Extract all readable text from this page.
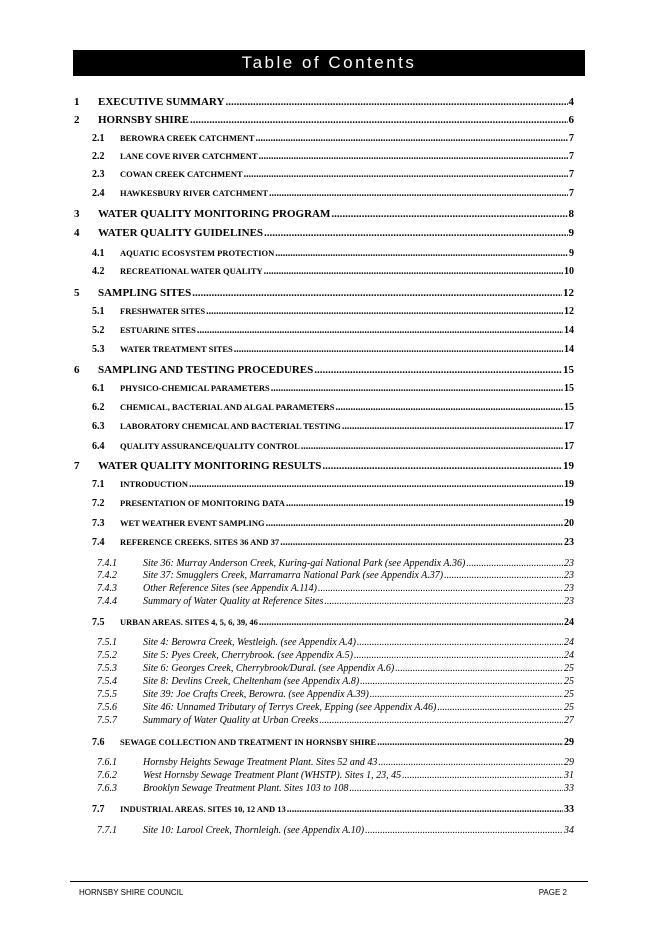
Table of Contents
1	EXECUTIVE SUMMARY .....	4
2	HORNSBY SHIRE .....	6
2.1	BEROWRA CREEK CATCHMENT .....	7
2.2	LANE COVE RIVER CATCHMENT .....	7
2.3	COWAN CREEK CATCHMENT .....	7
2.4	HAWKESBURY RIVER CATCHMENT .....	7
3	WATER QUALITY MONITORING PROGRAM .....	8
4	WATER QUALITY GUIDELINES .....	9
4.1	AQUATIC ECOSYSTEM PROTECTION .....	9
4.2	RECREATIONAL WATER QUALITY .....	10
5	SAMPLING SITES .....	12
5.1	FRESHWATER SITES .....	12
5.2	ESTUARINE SITES .....	14
5.3	WATER TREATMENT SITES .....	14
6	SAMPLING AND TESTING PROCEDURES .....	15
6.1	PHYSICO-CHEMICAL PARAMETERS .....	15
6.2	CHEMICAL, BACTERIAL AND ALGAL PARAMETERS .....	15
6.3	LABORATORY CHEMICAL AND BACTERIAL TESTING .....	17
6.4	QUALITY ASSURANCE/QUALITY CONTROL .....	17
7	WATER QUALITY MONITORING RESULTS .....	19
7.1	INTRODUCTION .....	19
7.2	PRESENTATION OF MONITORING DATA .....	19
7.3	WET WEATHER EVENT SAMPLING .....	20
7.4	REFERENCE CREEKS. SITES 36 AND 37 .....	23
7.4.1	Site 36: Murray Anderson Creek, Kuring-gai National Park (see Appendix A.36) .....	23
7.4.2	Site 37: Smugglers Creek, Marramarra National Park (see Appendix A.37) .....	23
7.4.3	Other Reference Sites (see Appendix A.114) .....	23
7.4.4	Summary of Water Quality at Reference Sites .....	23
7.5	URBAN AREAS. SITES 4, 5, 6, 39, 46 .....	24
7.5.1	Site 4: Berowra Creek, Westleigh. (see Appendix A.4) .....	24
7.5.2	Site 5: Pyes Creek, Cherrybrook. (see Appendix A.5) .....	24
7.5.3	Site 6: Georges Creek, Cherrybrook/Dural. (see Appendix A.6) .....	25
7.5.4	Site 8: Devlins Creek, Cheltenham (see Appendix A.8) .....	25
7.5.5	Site 39: Joe Crafts Creek, Berowra. (see Appendix A.39) .....	25
7.5.6	Site 46: Unnamed Tributary of Terrys Creek, Epping (see Appendix A.46) .....	25
7.5.7	Summary of Water Quality at Urban Creeks .....	27
7.6	SEWAGE COLLECTION AND TREATMENT IN HORNSBY SHIRE .....	29
7.6.1	Hornsby Heights Sewage Treatment Plant. Sites 52 and 43 .....	29
7.6.2	West Hornsby Sewage Treatment Plant (WHSTP). Sites 1, 23, 45 .....	31
7.6.3	Brooklyn Sewage Treatment Plant. Sites 103 to 108 .....	33
7.7	INDUSTRIAL AREAS. SITES 10, 12 AND 13 .....	33
7.7.1	Site 10: Larool Creek, Thornleigh. (see Appendix A.10) .....	34
HORNSBY SHIRE COUNCIL	PAGE 2
